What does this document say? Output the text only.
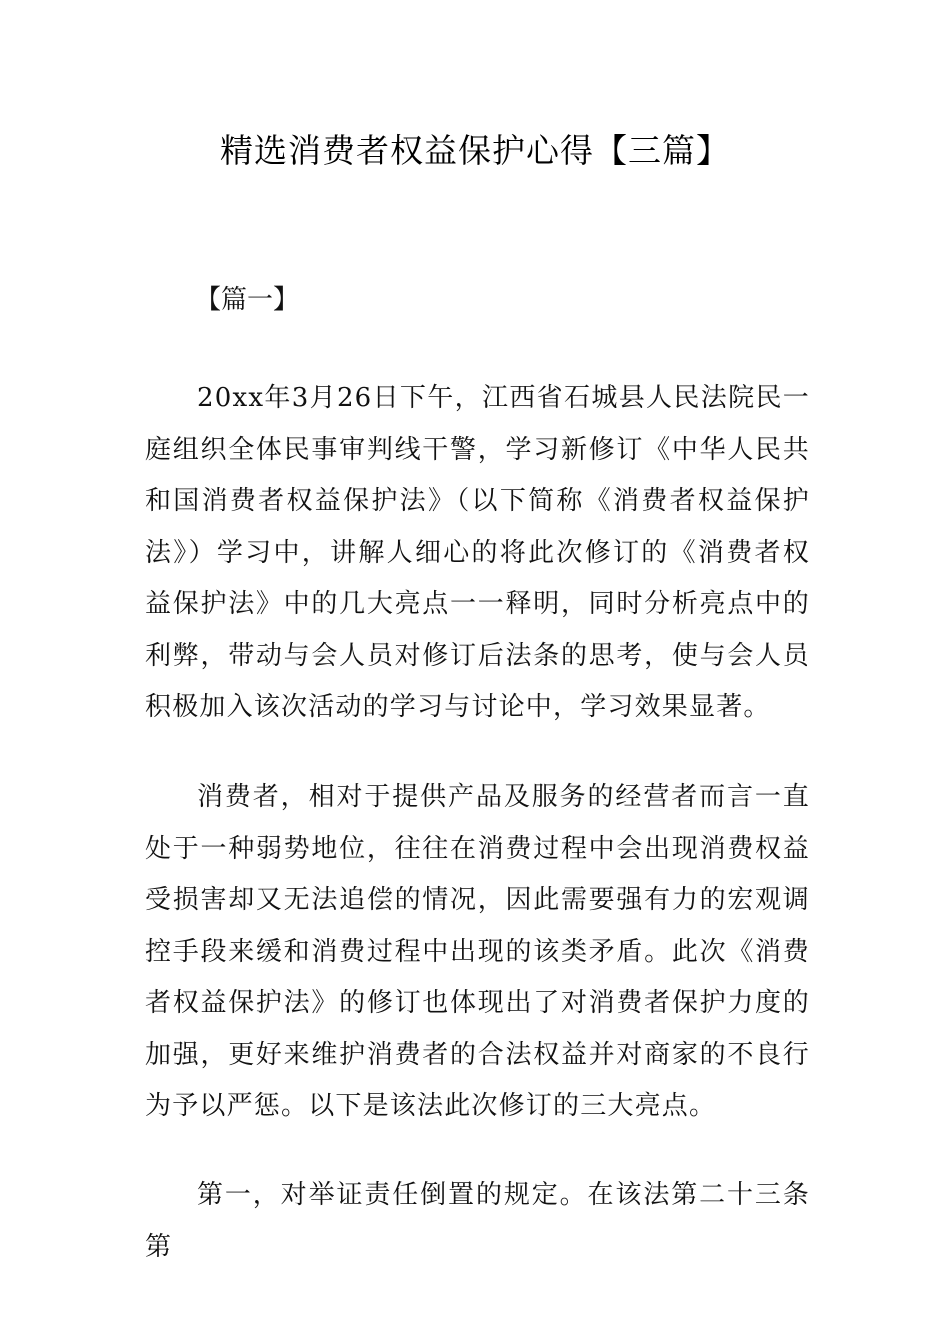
精选消费者权益保护心得【三篇】
【篇一】

20xx年3月26日下午，江西省石城县人民法院民一庭组织全体民事审判线干警，学习新修订《中华人民共和国消费者权益保护法》（以下简称《消费者权益保护法》）学习中，讲解人细心的将此次修订的《消费者权益保护法》中的几大亮点一一释明，同时分析亮点中的利弊，带动与会人员对修订后法条的思考，使与会人员积极加入该次活动的学习与讨论中，学习效果显著。

消费者，相对于提供产品及服务的经营者而言一直处于一种弱势地位，往往在消费过程中会出现消费权益受损害却又无法追偿的情况，因此需要强有力的宏观调控手段来缓和消费过程中出现的该类矛盾。此次《消费者权益保护法》的修订也体现出了对消费者保护力度的加强，更好来维护消费者的合法权益并对商家的不良行为予以严惩。以下是该法此次修订的三大亮点。

第一，对举证责任倒置的规定。在该法第二十三条第
